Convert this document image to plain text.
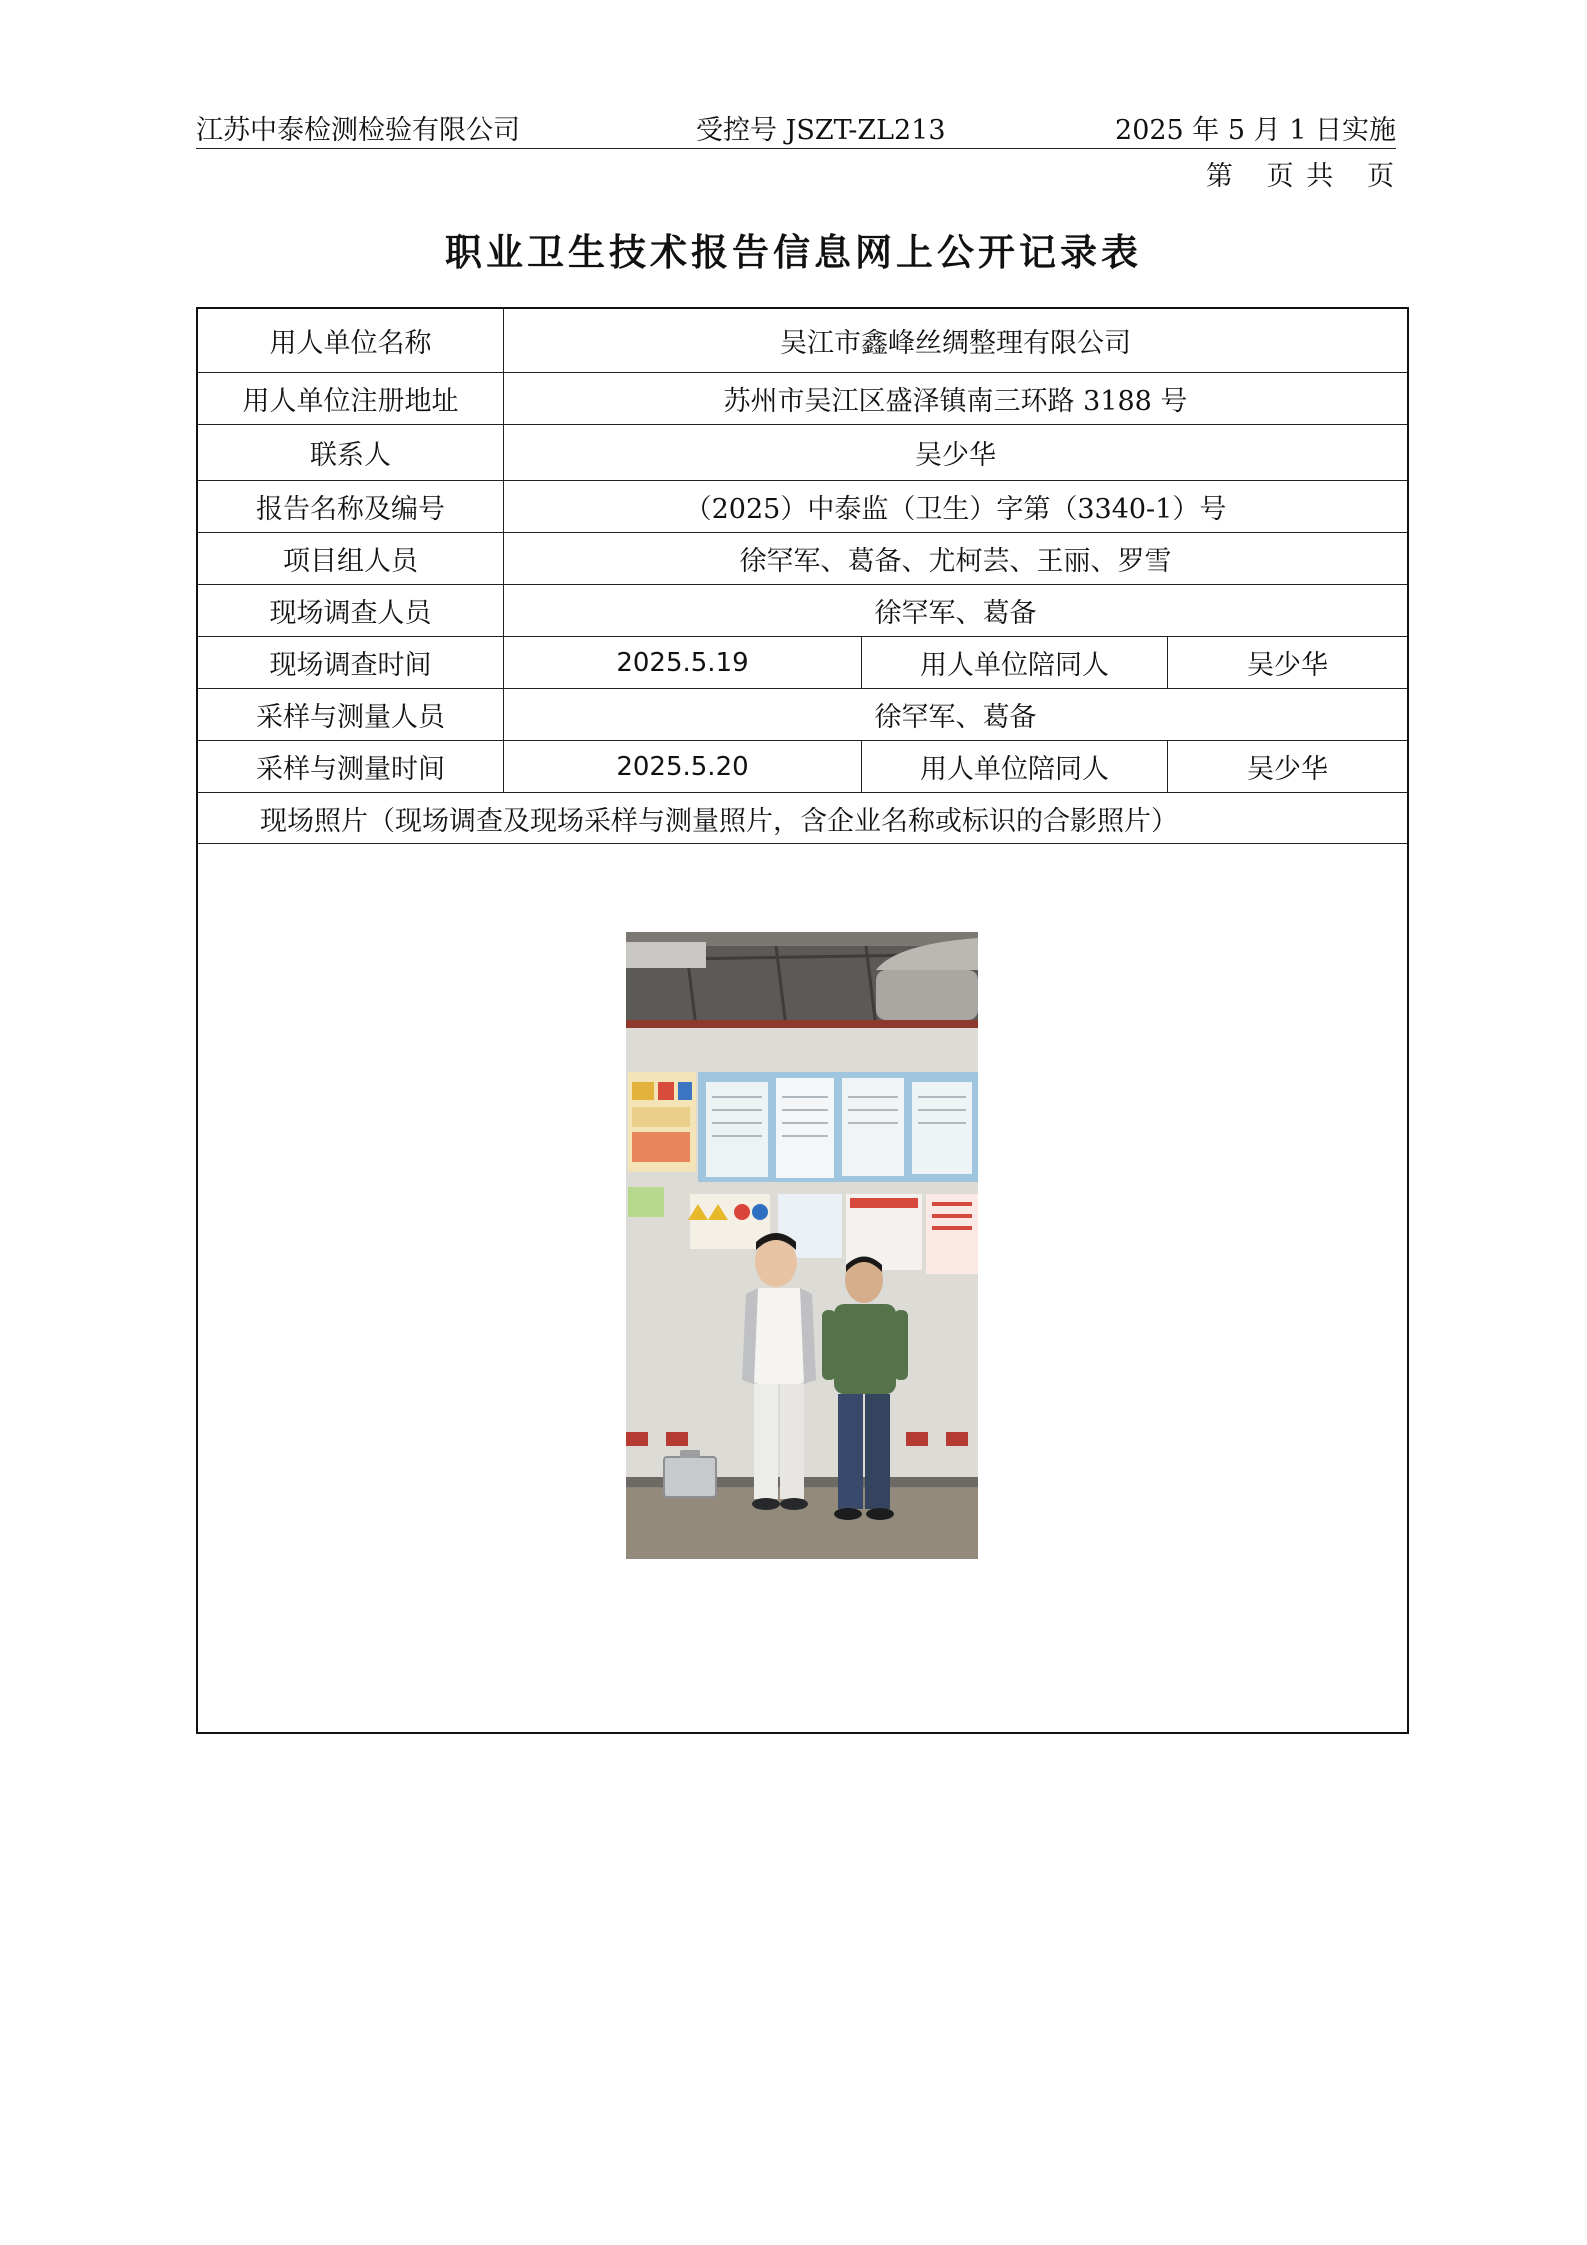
江苏中泰检测检验有限公司	受控号 JSZT-ZL213	2025 年 5 月 1 日实施
第   页 共   页
职业卫生技术报告信息网上公开记录表
用人单位名称	吴江市鑫峰丝绸整理有限公司
用人单位注册地址	苏州市吴江区盛泽镇南三环路 3188 号
联系人	吴少华
报告名称及编号	（2025）中泰监（卫生）字第（3340-1）号
项目组人员	徐罕军、葛备、尤柯芸、王丽、罗雪
现场调查人员	徐罕军、葛备
现场调查时间	2025.5.19	用人单位陪同人	吴少华
采样与测量人员	徐罕军、葛备
采样与测量时间	2025.5.20	用人单位陪同人	吴少华
现场照片（现场调查及现场采样与测量照片，含企业名称或标识的合影照片）
